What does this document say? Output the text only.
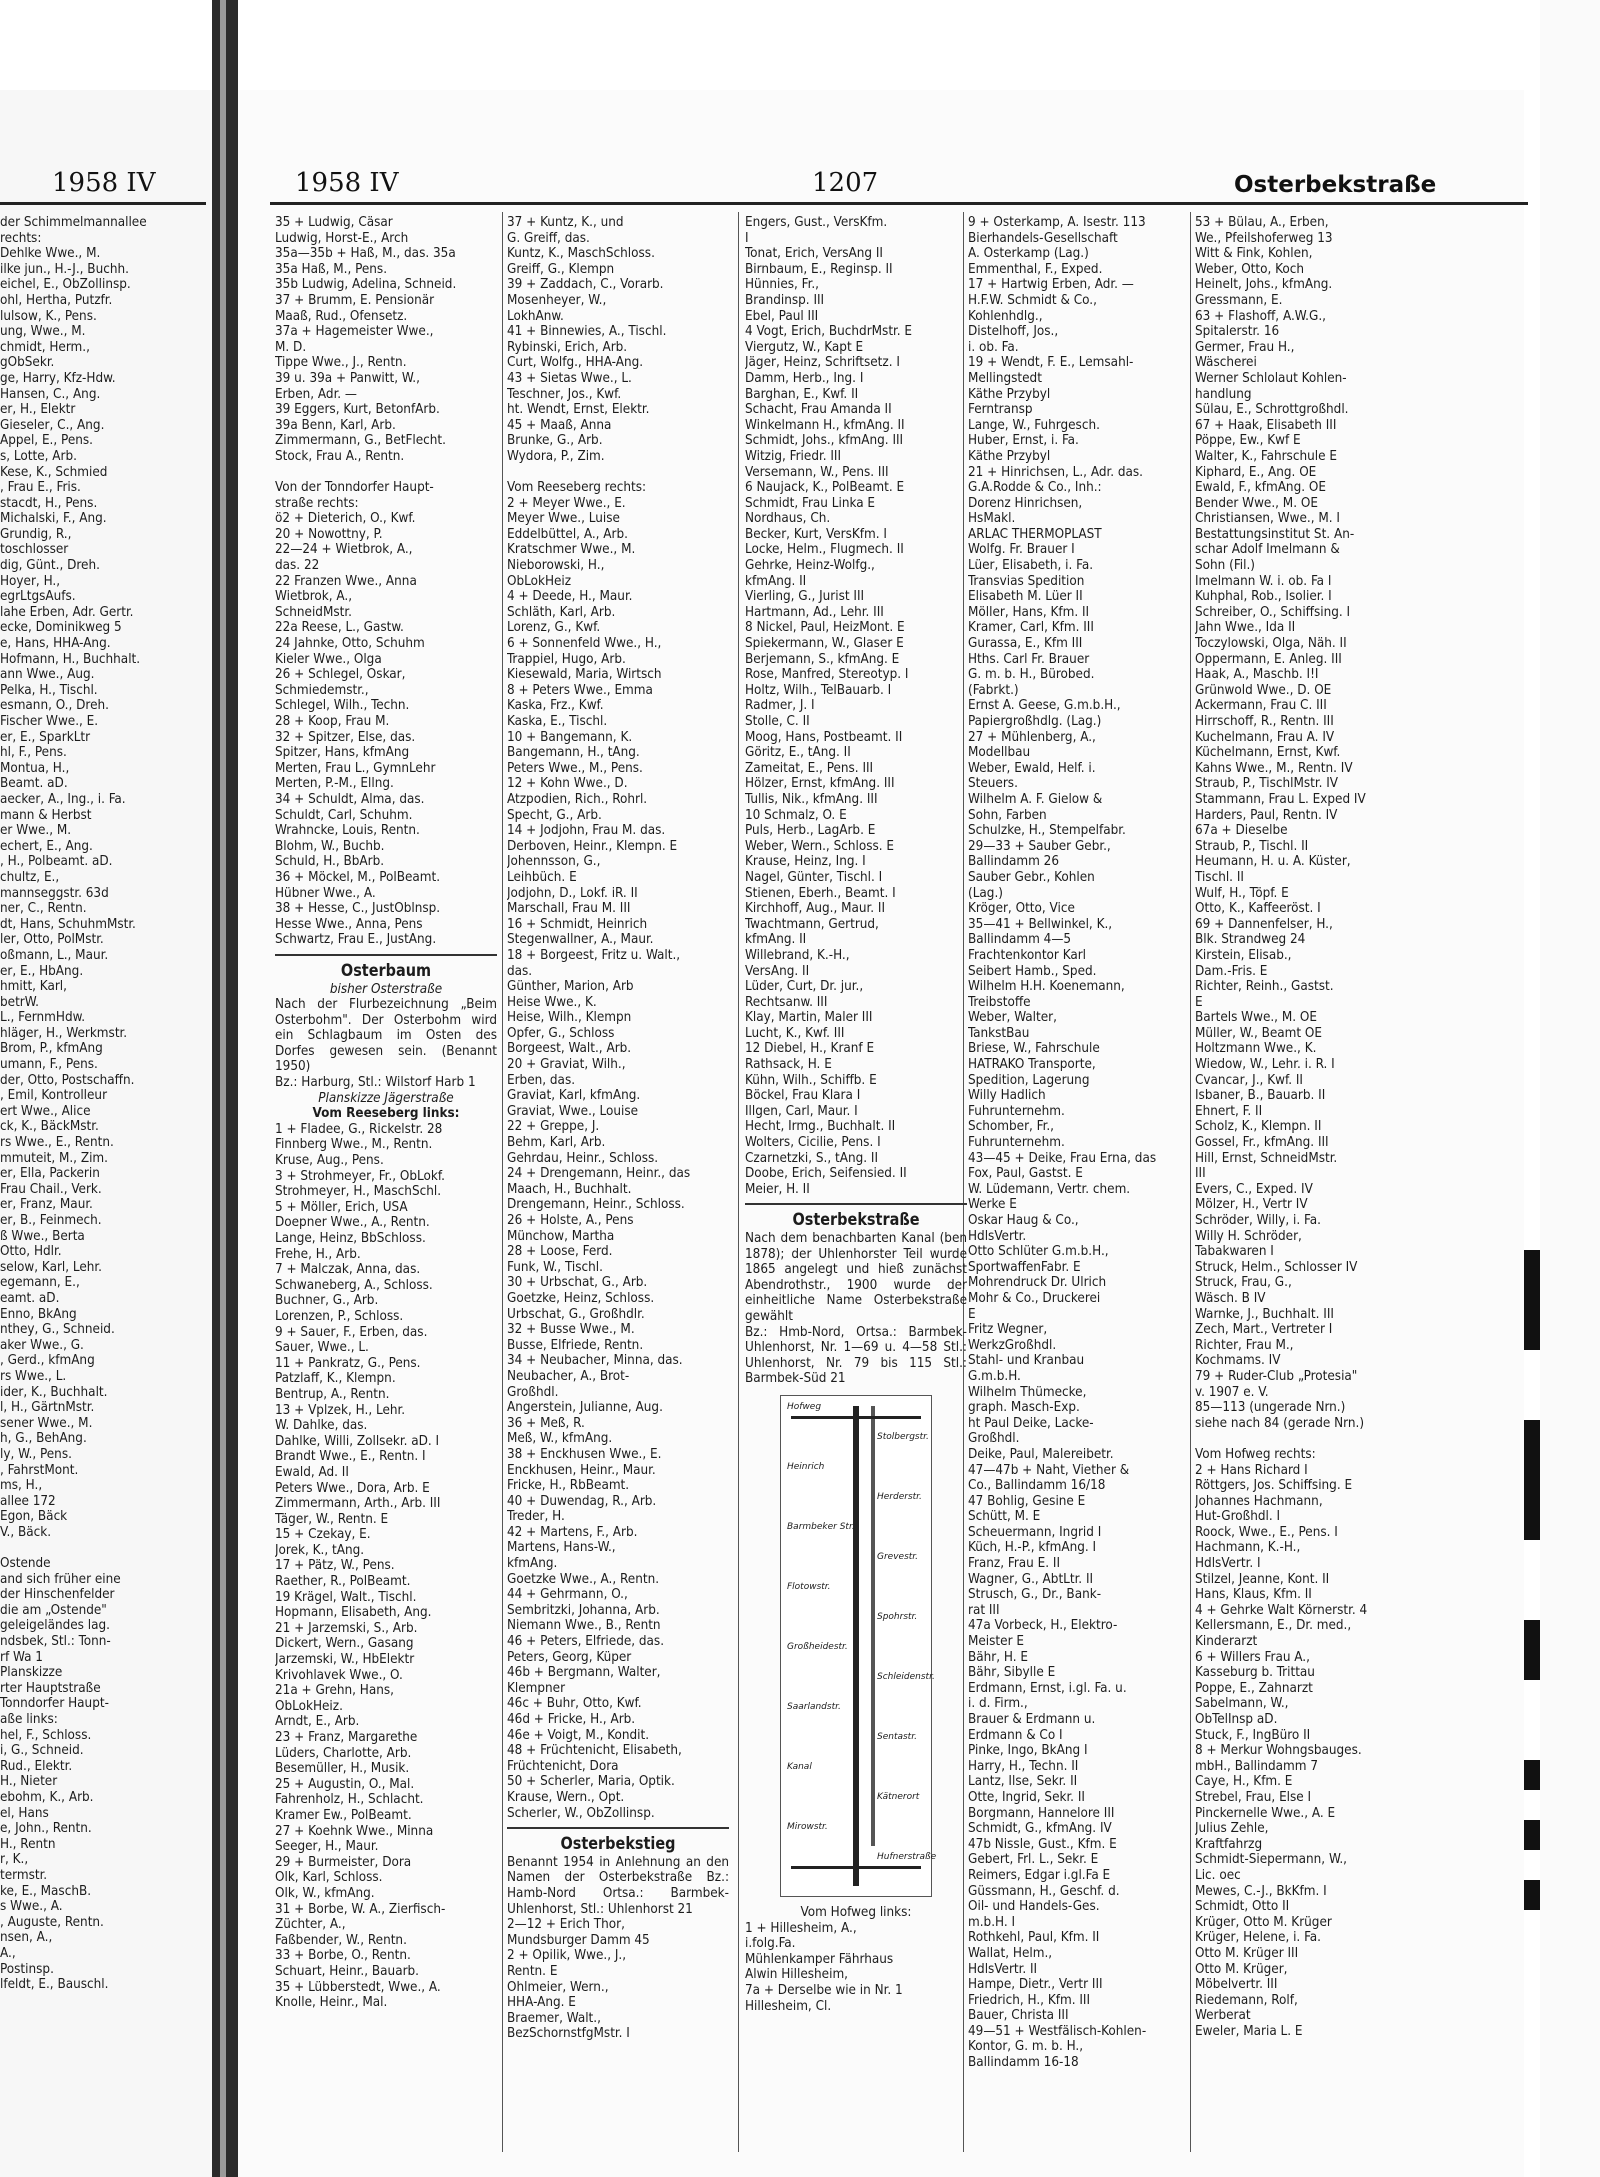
1958 IV	1958 IV	1207	Osterbekstraße
der Schimmelmannallee
rechts:
Dehlke Wwe., M.
ilke jun., H.-J., Buchh.
eichel, E., ObZollinsp.
ohl, Hertha, Putzfr.
lulsow, K., Pens.
ung, Wwe., M.
chmidt, Herm.,
gObSekr.
ge, Harry, Kfz-Hdw.
Hansen, C., Ang.
er, H., Elektr
Gieseler, C., Ang.
Appel, E., Pens.
s, Lotte, Arb.
Kese, K., Schmied
, Frau E., Fris.
stacdt, H., Pens.
Michalski, F., Ang.
Grundig, R.,
toschlosser
dig, Günt., Dreh.
Hoyer, H.,
egrLtgsAufs.
lahe Erben, Adr. Gertr.
ecke, Dominikweg 5
e, Hans, HHA-Ang.
Hofmann, H., Buchhalt.
ann Wwe., Aug.
Pelka, H., Tischl.
esmann, O., Dreh.
Fischer Wwe., E.
er, E., SparkLtr
hl, F., Pens.
Montua, H.,
Beamt. aD.
aecker, A., Ing., i. Fa.
mann & Herbst
er Wwe., M.
echert, E., Ang.
, H., Polbeamt. aD.
chultz, E.,
mannseggstr. 63d
ner, C., Rentn.
dt, Hans, SchuhmMstr.
ler, Otto, PolMstr.
oßmann, L., Maur.
er, E., HbAng.
hmitt, Karl,
betrW.
L., FernmHdw.
hläger, H., Werkmstr.
Brom, P., kfmAng
umann, F., Pens.
der, Otto, Postschaffn.
, Emil, Kontrolleur
ert Wwe., Alice
ck, K., BäckMstr.
rs Wwe., E., Rentn.
mmuteit, M., Zim.
er, Ella, Packerin
Frau Chail., Verk.
er, Franz, Maur.
er, B., Feinmech.
ß Wwe., Berta
Otto, Hdlr.
selow, Karl, Lehr.
egemann, E.,
eamt. aD.
Enno, BkAng
nthey, G., Schneid.
aker Wwe., G.
, Gerd., kfmAng
rs Wwe., L.
ider, K., Buchhalt.
l, H., GärtnMstr.
sener Wwe., M.
h, G., BehAng.
ly, W., Pens.
, FahrstMont.
ms, H.,
allee 172
Egon, Bäck
V., Bäck.

Ostende
and sich früher eine
der Hinschenfelder
die am „Ostende"
geleigeländes lag.
ndsbek, Stl.: Tonn-
rf Wa 1
Planskizze
rter Hauptstraße
Tonndorfer Haupt-
aße links:
hel, F., Schloss.
i, G., Schneid.
Rud., Elektr.
H., Nieter
ebohm, K., Arb.
el, Hans
e, John., Rentn.
H., Rentn
r, K.,
termstr.
ke, E., MaschB.
s Wwe., A.
, Auguste, Rentn.
nsen, A.,
A.,
Postinsp.
lfeldt, E., Bauschl.
35 + Ludwig, Cäsar
Ludwig, Horst-E., Arch
35a—35b + Haß, M., das. 35a
35a Haß, M., Pens.
35b Ludwig, Adelina, Schneid.
37 + Brumm, E. Pensionär
Maaß, Rud., Ofensetz.
37a + Hagemeister Wwe.,
M. D.
Tippe Wwe., J., Rentn.
39 u. 39a + Panwitt, W.,
Erben, Adr. —
39 Eggers, Kurt, BetonfArb.
39a Benn, Karl, Arb.
Zimmermann, G., BetFlecht.
Stock, Frau A., Rentn.

Von der Tonndorfer Haupt-
straße rechts:
ö2 + Dieterich, O., Kwf.
20 + Nowottny, P.
22—24 + Wietbrok, A.,
das. 22
22 Franzen Wwe., Anna
Wietbrok, A.,
SchneidMstr.
22a Reese, L., Gastw.
24 Jahnke, Otto, Schuhm
Kieler Wwe., Olga
26 + Schlegel, Oskar,
Schmiedemstr.,
Schlegel, Wilh., Techn.
28 + Koop, Frau M.
32 + Spitzer, Else, das.
Spitzer, Hans, kfmAng
Merten, Frau L., GymnLehr
Merten, P.-M., Ellng.
34 + Schuldt, Alma, das.
Schuldt, Carl, Schuhm.
Wrahncke, Louis, Rentn.
Blohm, W., Buchb.
Schuld, H., BbArb.
36 + Möckel, M., PolBeamt.
Hübner Wwe., A.
38 + Hesse, C., JustOblnsp.
Hesse Wwe., Anna, Pens
Schwartz, Frau E., JustAng.
Osterbaum
bisher Osterstraße
Nach der Flurbezeichnung „Beim Osterbohm". Der Osterbohm wird ein Schlagbaum im Osten des Dorfes gewesen sein. (Benannt 1950)
Bz.: Harburg, Stl.: Wilstorf Harb 1
Planskizze Jägerstraße
Vom Reeseberg links:
1 + Fladee, G., Rickelstr. 28
Finnberg Wwe., M., Rentn.
Kruse, Aug., Pens.
3 + Strohmeyer, Fr., ObLokf.
Strohmeyer, H., MaschSchl.
5 + Möller, Erich, USA
Doepner Wwe., A., Rentn.
Lange, Heinz, BbSchloss.
Frehe, H., Arb.
7 + Malczak, Anna, das.
Schwaneberg, A., Schloss.
Buchner, G., Arb.
Lorenzen, P., Schloss.
9 + Sauer, F., Erben, das.
Sauer, Wwe., L.
11 + Pankratz, G., Pens.
Patzlaff, K., Klempn.
Bentrup, A., Rentn.
13 + Vplzek, H., Lehr.
W. Dahlke, das.
Dahlke, Willi, Zollsekr. aD. I
Brandt Wwe., E., Rentn. I
Ewald, Ad. II
Peters Wwe., Dora, Arb. E
Zimmermann, Arth., Arb. III
Täger, W., Rentn. E
15 + Czekay, E.
Jorek, K., tAng.
17 + Pätz, W., Pens.
Raether, R., PolBeamt.
19 Krägel, Walt., Tischl.
Hopmann, Elisabeth, Ang.
21 + Jarzemski, S., Arb.
Dickert, Wern., Gasang
Jarzemski, W., HbElektr
Krivohlavek Wwe., O.
21a + Grehn, Hans,
ObLokHeiz.
Arndt, E., Arb.
23 + Franz, Margarethe
Lüders, Charlotte, Arb.
Besemüller, H., Musik.
25 + Augustin, O., Mal.
Fahrenholz, H., Schlacht.
Kramer Ew., PolBeamt.
27 + Koehnk Wwe., Minna
Seeger, H., Maur.
29 + Burmeister, Dora
Olk, Karl, Schloss.
Olk, W., kfmAng.
31 + Borbe, W. A., Zierfisch-
Züchter, A.,
Faßbender, W., Rentn.
33 + Borbe, O., Rentn.
Schuart, Heinr., Bauarb.
35 + Lübberstedt, Wwe., A.
Knolle, Heinr., Mal.
37 + Kuntz, K., und
G. Greiff, das.
Kuntz, K., MaschSchloss.
Greiff, G., Klempn
39 + Zaddach, C., Vorarb.
Mosenheyer, W.,
LokhAnw.
41 + Binnewies, A., Tischl.
Rybinski, Erich, Arb.
Curt, Wolfg., HHA-Ang.
43 + Sietas Wwe., L.
Teschner, Jos., Kwf.
ht. Wendt, Ernst, Elektr.
45 + Maaß, Anna
Brunke, G., Arb.
Wydora, P., Zim.

Vom Reeseberg rechts:
2 + Meyer Wwe., E.
Meyer Wwe., Luise
Eddelbüttel, A., Arb.
Kratschmer Wwe., M.
Nieborowski, H.,
ObLokHeiz
4 + Deede, H., Maur.
Schläth, Karl, Arb.
Lorenz, G., Kwf.
6 + Sonnenfeld Wwe., H.,
Trappiel, Hugo, Arb.
Kiesewald, Maria, Wirtsch
8 + Peters Wwe., Emma
Kaska, Frz., Kwf.
Kaska, E., Tischl.
10 + Bangemann, K.
Bangemann, H., tAng.
Peters Wwe., M., Pens.
12 + Kohn Wwe., D.
Atzpodien, Rich., Rohrl.
Specht, G., Arb.
14 + Jodjohn, Frau M. das.
Derboven, Heinr., Klempn. E
Johennsson, G.,
Leihbüch. E
Jodjohn, D., Lokf. iR. II
Marschall, Frau M. III
16 + Schmidt, Heinrich
Stegenwallner, A., Maur.
18 + Borgeest, Fritz u. Walt.,
das.
Günther, Marion, Arb
Heise Wwe., K.
Heise, Wilh., Klempn
Opfer, G., Schloss
Borgeest, Walt., Arb.
20 + Graviat, Wilh.,
Erben, das.
Graviat, Karl, kfmAng.
Graviat, Wwe., Louise
22 + Greppe, J.
Behm, Karl, Arb.
Gehrdau, Heinr., Schloss.
24 + Drengemann, Heinr., das
Maach, H., Buchhalt.
Drengemann, Heinr., Schloss.
26 + Holste, A., Pens
Münchow, Martha
28 + Loose, Ferd.
Funk, W., Tischl.
30 + Urbschat, G., Arb.
Goetzke, Heinz, Schloss.
Urbschat, G., Großhdlr.
32 + Busse Wwe., M.
Busse, Elfriede, Rentn.
34 + Neubacher, Minna, das.
Neubacher, A., Brot-
Großhdl.
Angerstein, Julianne, Aug.
36 + Meß, R.
Meß, W., kfmAng.
38 + Enckhusen Wwe., E.
Enckhusen, Heinr., Maur.
Fricke, H., RbBeamt.
40 + Duwendag, R., Arb.
Treder, H.
42 + Martens, F., Arb.
Martens, Hans-W.,
kfmAng.
Goetzke Wwe., A., Rentn.
44 + Gehrmann, O.,
Sembritzki, Johanna, Arb.
Niemann Wwe., B., Rentn
46 + Peters, Elfriede, das.
Peters, Georg, Küper
46b + Bergmann, Walter,
Klempner
46c + Buhr, Otto, Kwf.
46d + Fricke, H., Arb.
46e + Voigt, M., Kondit.
48 + Früchtenicht, Elisabeth,
Früchtenicht, Dora
50 + Scherler, Maria, Optik.
Krause, Wern., Opt.
Scherler, W., ObZollinsp.
Osterbekstieg
Benannt 1954 in Anlehnung an den Namen der Osterbekstraße Bz.: Hamb-Nord Ortsa.: Barmbek-Uhlenhorst, Stl.: Uhlenhorst 21
2—12 + Erich Thor,
Mundsburger Damm 45
2 + Opilik, Wwe., J.,
Rentn. E
Ohlmeier, Wern.,
HHA-Ang. E
Braemer, Walt.,
BezSchornstfgMstr. I
Engers, Gust., VersKfm.
I
Tonat, Erich, VersAng II
Birnbaum, E., Reginsp. II
Hünnies, Fr.,
Brandinsp. III
Ebel, Paul III
4 Vogt, Erich, BuchdrMstr. E
Viergutz, W., Kapt E
Jäger, Heinz, Schriftsetz. I
Damm, Herb., Ing. I
Barghan, E., Kwf. II
Schacht, Frau Amanda II
Winkelmann H., kfmAng. II
Schmidt, Johs., kfmAng. III
Witzig, Friedr. III
Versemann, W., Pens. III
6 Naujack, K., PolBeamt. E
Schmidt, Frau Linka E
Nordhaus, Ch.
Becker, Kurt, VersKfm. I
Locke, Helm., Flugmech. II
Gehrke, Heinz-Wolfg.,
kfmAng. II
Vierling, G., Jurist III
Hartmann, Ad., Lehr. III
8 Nickel, Paul, HeizMont. E
Spiekermann, W., Glaser E
Berjemann, S., kfmAng. E
Rose, Manfred, Stereotyp. I
Holtz, Wilh., TelBauarb. I
Radmer, J. I
Stolle, C. II
Moog, Hans, Postbeamt. II
Göritz, E., tAng. II
Zameitat, E., Pens. III
Hölzer, Ernst, kfmAng. III
Tullis, Nik., kfmAng. III
10 Schmalz, O. E
Puls, Herb., LagArb. E
Weber, Wern., Schloss. E
Krause, Heinz, Ing. I
Nagel, Günter, Tischl. I
Stienen, Eberh., Beamt. I
Kirchhoff, Aug., Maur. II
Twachtmann, Gertrud,
kfmAng. II
Willebrand, K.-H.,
VersAng. II
Lüder, Curt, Dr. jur.,
Rechtsanw. III
Klay, Martin, Maler III
Lucht, K., Kwf. III
12 Diebel, H., Kranf E
Rathsack, H. E
Kühn, Wilh., Schiffb. E
Böckel, Frau Klara I
Illgen, Carl, Maur. I
Hecht, Irmg., Buchhalt. II
Wolters, Cicilie, Pens. I
Czarnetzki, S., tAng. II
Doobe, Erich, Seifensied. II
Meier, H. II
Osterbekstraße
Nach dem benachbarten Kanal (ben 1878); der Uhlenhorster Teil wurde 1865 angelegt und hieß zunächst Abendrothstr., 1900 wurde der einheitliche Name Osterbekstraße gewählt
Bz.: Hmb-Nord, Ortsa.: Barmbek-Uhlenhorst, Nr. 1—69 u. 4—58 Stl.: Uhlenhorst, Nr. 79 bis 115 Stl.: Barmbek-Süd 21
Hofweg
Stolbergstr.
Heinrich
Herderstr.
Barmbeker Str.
Grevestr.
Flotowstr.
Spohrstr.
Großheidestr.
Schleidenstr.
Saarlandstr.
Sentastr.
Kanal
Kätnerort
Mirowstr.
Hufnerstraße
Vom Hofweg links:
1 + Hillesheim, A.,
i.folg.Fa.
Mühlenkamper Fährhaus
Alwin Hillesheim,
7a + Derselbe wie in Nr. 1
Hillesheim, Cl.
9 + Osterkamp, A. Isestr. 113
Bierhandels-Gesellschaft
A. Osterkamp (Lag.)
Emmenthal, F., Exped.
17 + Hartwig Erben, Adr. —
H.F.W. Schmidt & Co.,
Kohlenhdlg.,
Distelhoff, Jos.,
i. ob. Fa.
19 + Wendt, F. E., Lemsahl-
Mellingstedt
Käthe Przybyl
Ferntransp
Lange, W., Fuhrgesch.
Huber, Ernst, i. Fa.
Käthe Przybyl
21 + Hinrichsen, L., Adr. das.
G.A.Rodde & Co., Inh.:
Dorenz Hinrichsen,
HsMakl.
ARLAC THERMOPLAST
Wolfg. Fr. Brauer I
Lüer, Elisabeth, i. Fa.
Transvias Spedition
Elisabeth M. Lüer II
Möller, Hans, Kfm. II
Kramer, Carl, Kfm. III
Gurassa, E., Kfm III
Hths. Carl Fr. Brauer
G. m. b. H., Bürobed.
(Fabrkt.)
Ernst A. Geese, G.m.b.H.,
Papiergroßhdlg. (Lag.)
27 + Mühlenberg, A.,
Modellbau
Weber, Ewald, Helf. i.
Steuers.
Wilhelm A. F. Gielow &
Sohn, Farben
Schulzke, H., Stempelfabr.
29—33 + Sauber Gebr.,
Ballindamm 26
Sauber Gebr., Kohlen
(Lag.)
Kröger, Otto, Vice
35—41 + Bellwinkel, K.,
Ballindamm 4—5
Frachtenkontor Karl
Seibert Hamb., Sped.
Wilhelm H.H. Koenemann,
Treibstoffe
Weber, Walter,
TankstBau
Briese, W., Fahrschule
HATRAKO Transporte,
Spedition, Lagerung
Willy Hadlich
Fuhrunternehm.
Schomber, Fr.,
Fuhrunternehm.
43—45 + Deike, Frau Erna, das
Fox, Paul, Gastst. E
W. Lüdemann, Vertr. chem.
Werke E
Oskar Haug & Co.,
HdlsVertr.
Otto Schlüter G.m.b.H.,
SportwaffenFabr. E
Mohrendruck Dr. Ulrich
Mohr & Co., Druckerei
E
Fritz Wegner,
WerkzGroßhdl.
Stahl- und Kranbau
G.m.b.H.
Wilhelm Thümecke,
graph. Masch-Exp.
ht Paul Deike, Lacke-
Großhdl.
Deike, Paul, Malereibetr.
47—47b + Naht, Viether &
Co., Ballindamm 16/18
47 Bohlig, Gesine E
Schütt, M. E
Scheuermann, Ingrid I
Küch, H.-P., kfmAng. I
Franz, Frau E. II
Wagner, G., AbtLtr. II
Strusch, G., Dr., Bank-
rat III
47a Vorbeck, H., Elektro-
Meister E
Bähr, H. E
Bähr, Sibylle E
Erdmann, Ernst, i.gl. Fa. u.
i. d. Firm.,
Brauer & Erdmann u.
Erdmann & Co I
Pinke, Ingo, BkAng I
Harry, H., Techn. II
Lantz, Ilse, Sekr. II
Otte, Ingrid, Sekr. II
Borgmann, Hannelore III
Schmidt, G., kfmAng. IV
47b Nissle, Gust., Kfm. E
Gebert, Frl. L., Sekr. E
Reimers, Edgar i.gl.Fa E
Güssmann, H., Geschf. d.
Oil- und Handels-Ges.
m.b.H. I
Rothkehl, Paul, Kfm. II
Wallat, Helm.,
HdlsVertr. II
Hampe, Dietr., Vertr III
Friedrich, H., Kfm. III
Bauer, Christa III
49—51 + Westfälisch-Kohlen-
Kontor, G. m. b. H.,
Ballindamm 16-18
53 + Bülau, A., Erben,
We., Pfeilshoferweg 13
Witt & Fink, Kohlen,
Weber, Otto, Koch
Heinelt, Johs., kfmAng.
Gressmann, E.
63 + Flashoff, A.W.G.,
Spitalerstr. 16
Germer, Frau H.,
Wäscherei
Werner Schlolaut Kohlen-
handlung
Sülau, E., Schrottgroßhdl.
67 + Haak, Elisabeth III
Pöppe, Ew., Kwf E
Walter, K., Fahrschule E
Kiphard, E., Ang. OE
Ewald, F., kfmAng. OE
Bender Wwe., M. OE
Christiansen, Wwe., M. I
Bestattungsinstitut St. An-
schar Adolf Imelmann &
Sohn (Fil.)
Imelmann W. i. ob. Fa I
Kuhphal, Rob., Isolier. I
Schreiber, O., Schiffsing. I
Jahn Wwe., Ida II
Toczylowski, Olga, Näh. II
Oppermann, E. Anleg. III
Haak, A., Maschb. I!I
Grünwold Wwe., D. OE
Ackermann, Frau C. III
Hirrschoff, R., Rentn. III
Kuchelmann, Frau A. IV
Küchelmann, Ernst, Kwf.
Kahns Wwe., M., Rentn. IV
Straub, P., TischlMstr. IV
Stammann, Frau L. Exped IV
Harders, Paul, Rentn. IV
67a + Dieselbe
Straub, P., Tischl. II
Heumann, H. u. A. Küster,
Tischl. II
Wulf, H., Töpf. E
Otto, K., Kaffeeröst. I
69 + Dannenfelser, H.,
Blk. Strandweg 24
Kirstein, Elisab.,
Dam.-Fris. E
Richter, Reinh., Gastst.
E
Bartels Wwe., M. OE
Müller, W., Beamt OE
Holtzmann Wwe., K.
Wiedow, W., Lehr. i. R. I
Cvancar, J., Kwf. II
Isbaner, B., Bauarb. II
Ehnert, F. II
Scholz, K., Klempn. II
Gossel, Fr., kfmAng. III
Hill, Ernst, SchneidMstr.
III
Evers, C., Exped. IV
Mölzer, H., Vertr IV
Schröder, Willy, i. Fa.
Willy H. Schröder,
Tabakwaren I
Struck, Helm., Schlosser IV
Struck, Frau, G.,
Wäsch. B IV
Warnke, J., Buchhalt. III
Zech, Mart., Vertreter I
Richter, Frau M.,
Kochmams. IV
79 + Ruder-Club „Protesia"
v. 1907 e. V.
85—113 (ungerade Nrn.)
siehe nach 84 (gerade Nrn.)

Vom Hofweg rechts:
2 + Hans Richard I
Röttgers, Jos. Schiffsing. E
Johannes Hachmann,
Hut-Großhdl. I
Roock, Wwe., E., Pens. I
Hachmann, K.-H.,
HdlsVertr. I
Stilzel, Jeanne, Kont. II
Hans, Klaus, Kfm. II
4 + Gehrke Walt Körnerstr. 4
Kellersmann, E., Dr. med.,
Kinderarzt
6 + Willers Frau A.,
Kasseburg b. Trittau
Poppe, E., Zahnarzt
Sabelmann, W.,
ObTelInsp aD.
Stuck, F., IngBüro II
8 + Merkur Wohngsbauges.
mbH., Ballindamm 7
Caye, H., Kfm. E
Strebel, Frau, Else I
Pinckernelle Wwe., A. E
Julius Zehle,
Kraftfahrzg
Schmidt-Siepermann, W.,
Lic. oec
Mewes, C.-J., BkKfm. I
Schmidt, Otto II
Krüger, Otto M. Krüger
Krüger, Helene, i. Fa.
Otto M. Krüger III
Otto M. Krüger,
Möbelvertr. III
Riedemann, Rolf,
Werberat
Eweler, Maria L. E
